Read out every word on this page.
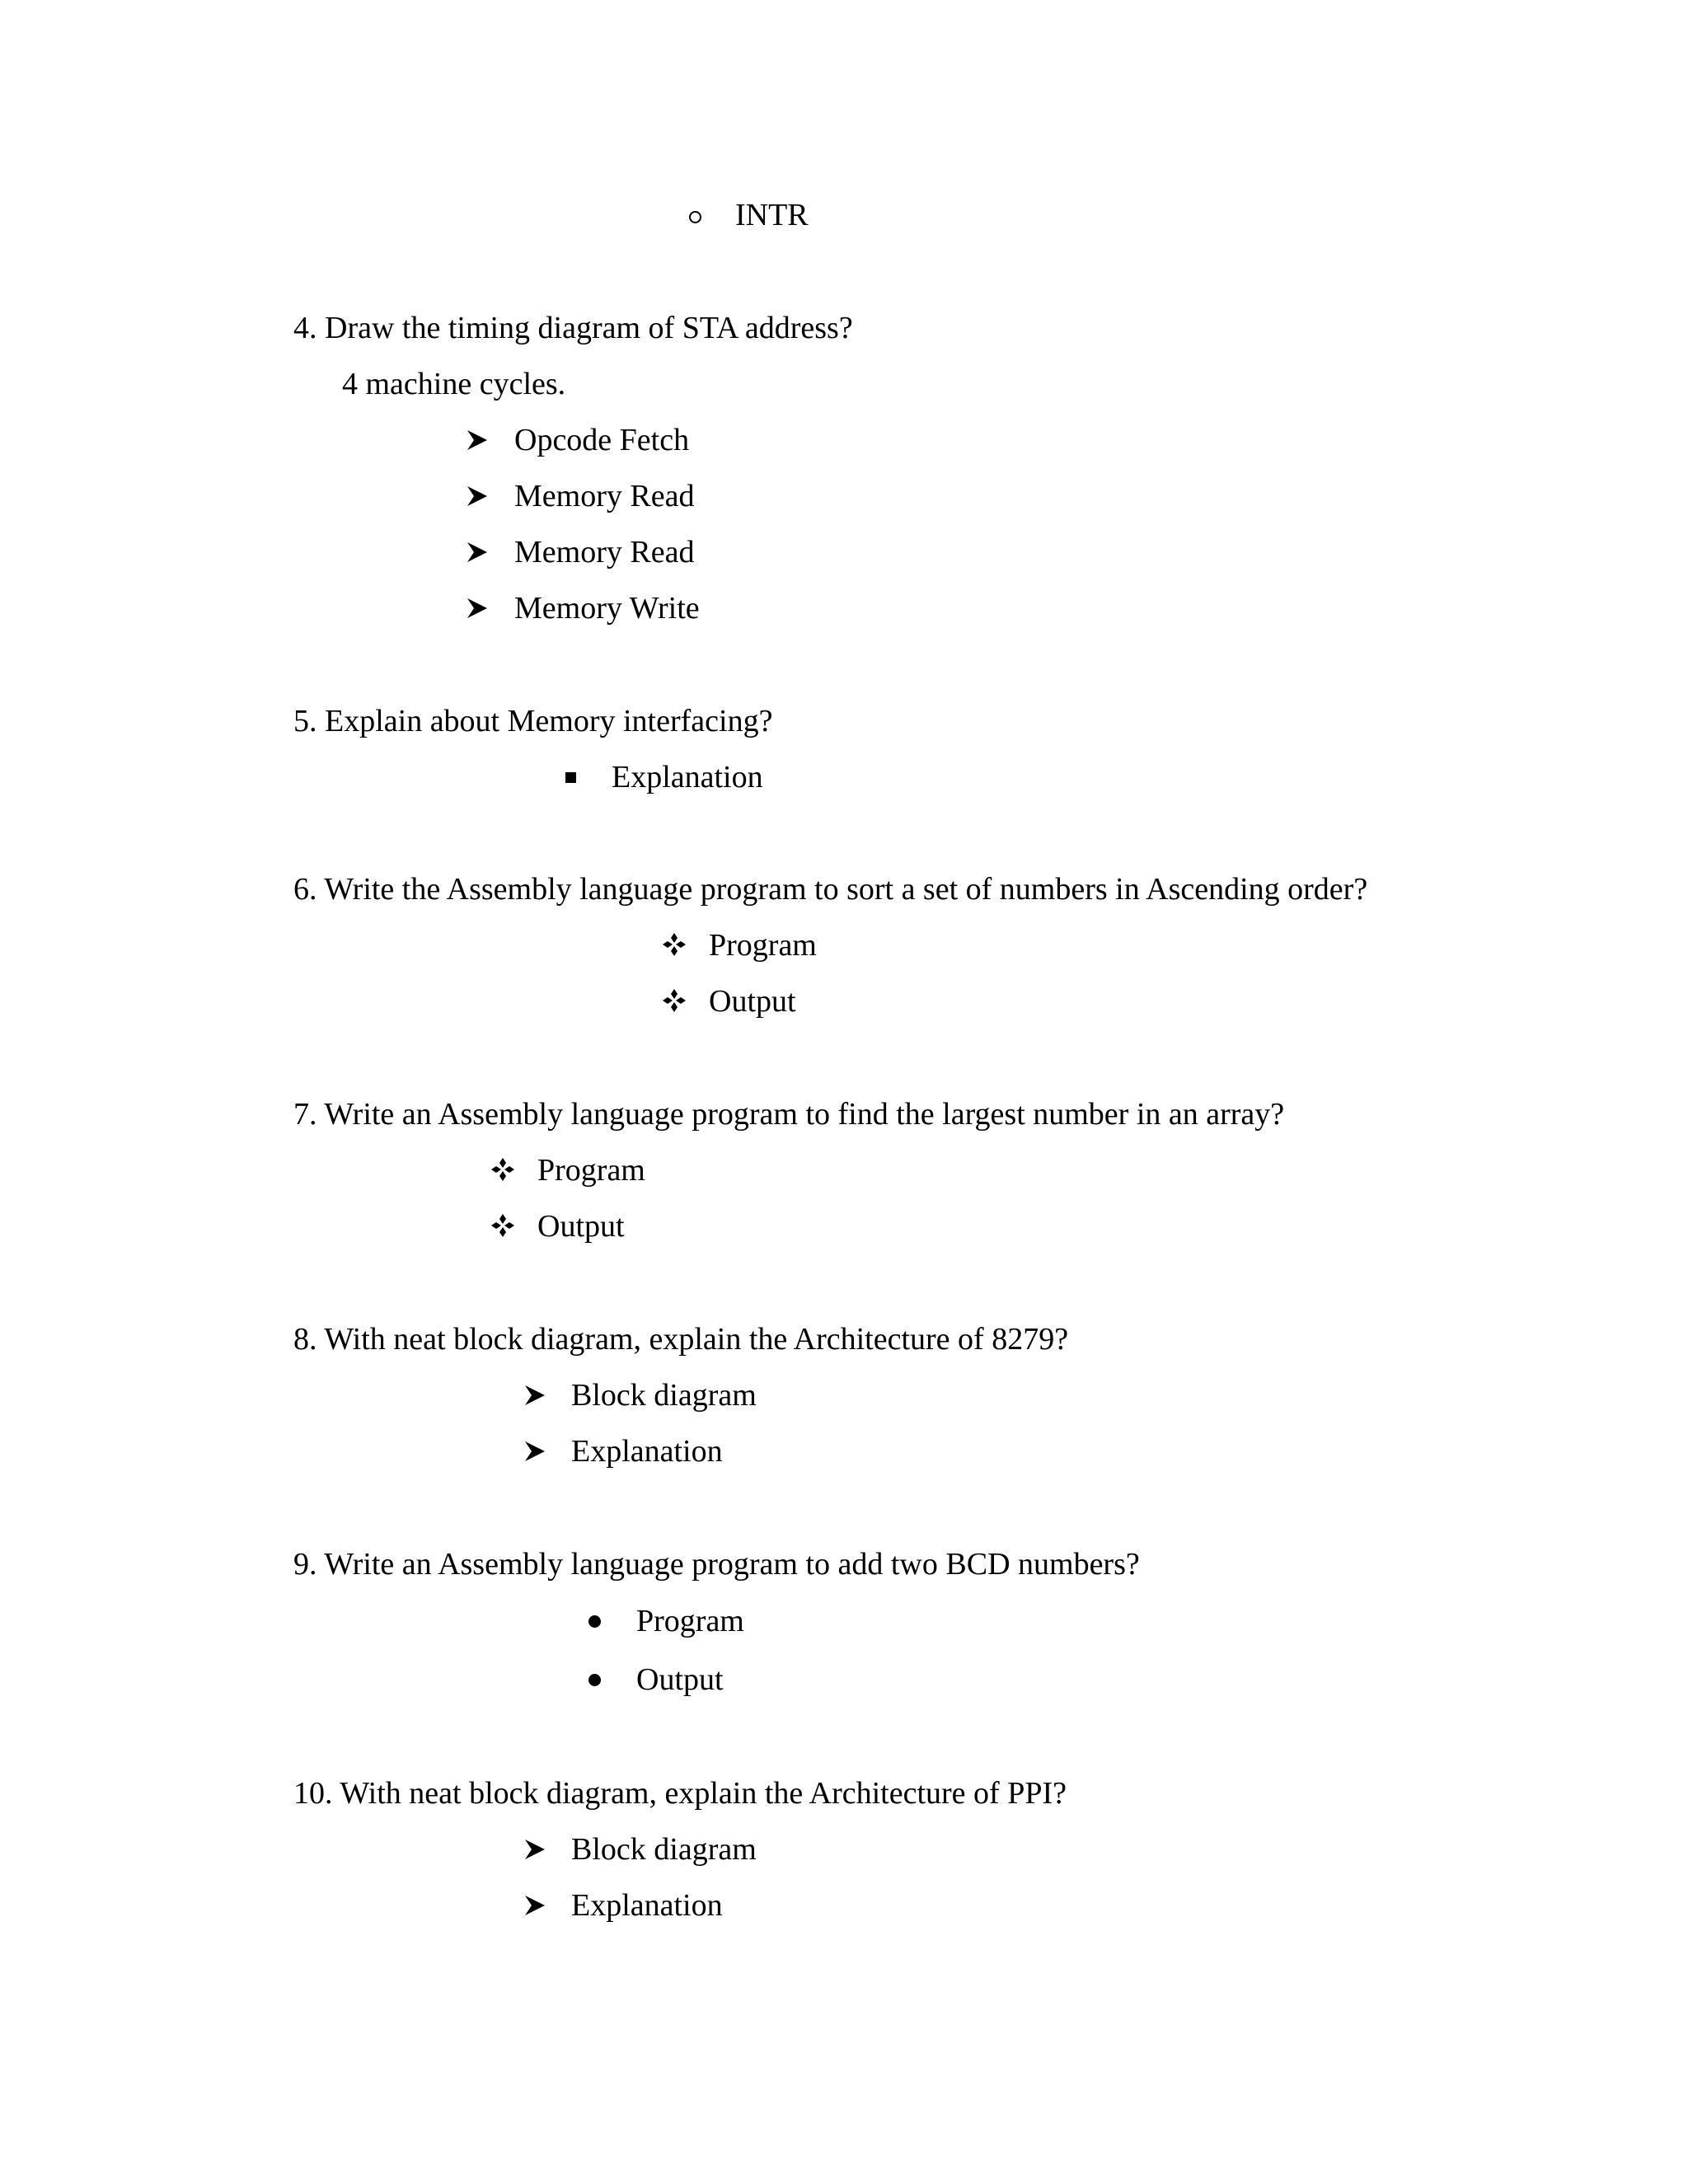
INTR
4. Draw the timing diagram of STA address?
4 machine cycles.
Opcode Fetch
Memory Read
Memory Read
Memory Write
5. Explain about Memory interfacing?
Explanation
6. Write the Assembly language program to sort a set of numbers in Ascending order?
Program
Output
7. Write an Assembly language program to find the largest number in an array?
Program
Output
8. With neat block diagram, explain the Architecture of 8279?
Block diagram
Explanation
9. Write an Assembly language program to add two BCD numbers?
Program
Output
10. With neat block diagram, explain the Architecture of PPI?
Block diagram
Explanation
